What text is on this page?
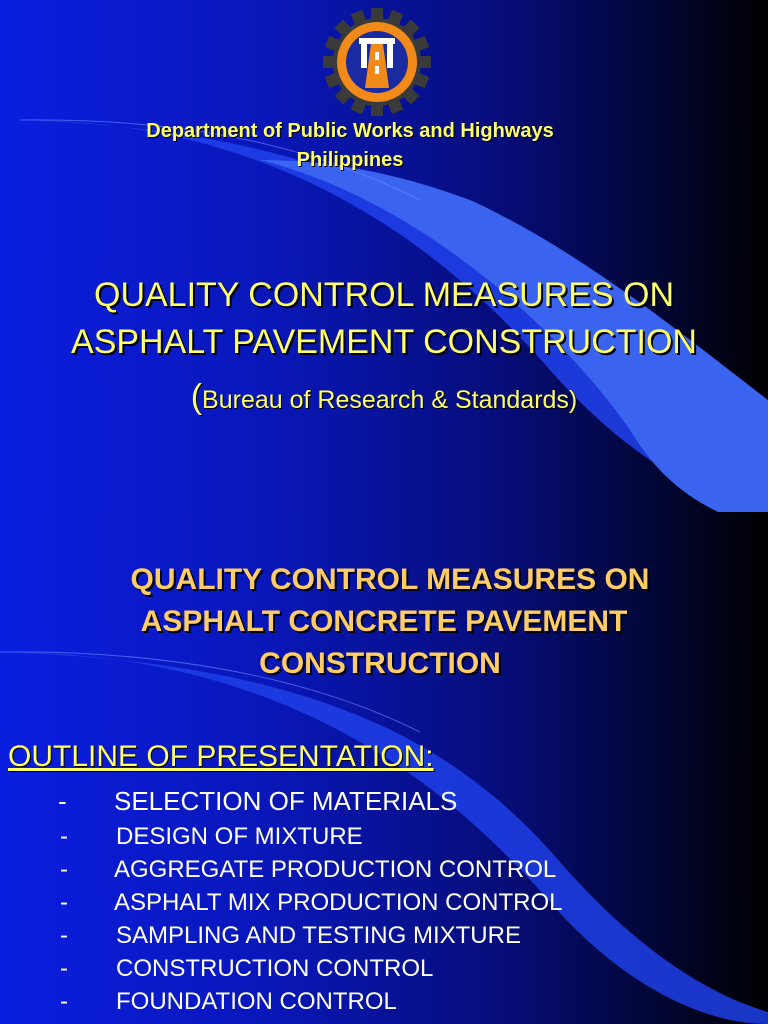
Department of Public Works and Highways
Philippines
QUALITY CONTROL MEASURES ON
ASPHALT PAVEMENT CONSTRUCTION
(Bureau of Research & Standards)
QUALITY CONTROL MEASURES ON
ASPHALT CONCRETE PAVEMENT
CONSTRUCTION
OUTLINE OF PRESENTATION:
- SELECTION OF MATERIALS
- DESIGN OF MIXTURE
- AGGREGATE PRODUCTION CONTROL
- ASPHALT MIX PRODUCTION CONTROL
- SAMPLING AND TESTING MIXTURE
- CONSTRUCTION CONTROL
- FOUNDATION CONTROL
